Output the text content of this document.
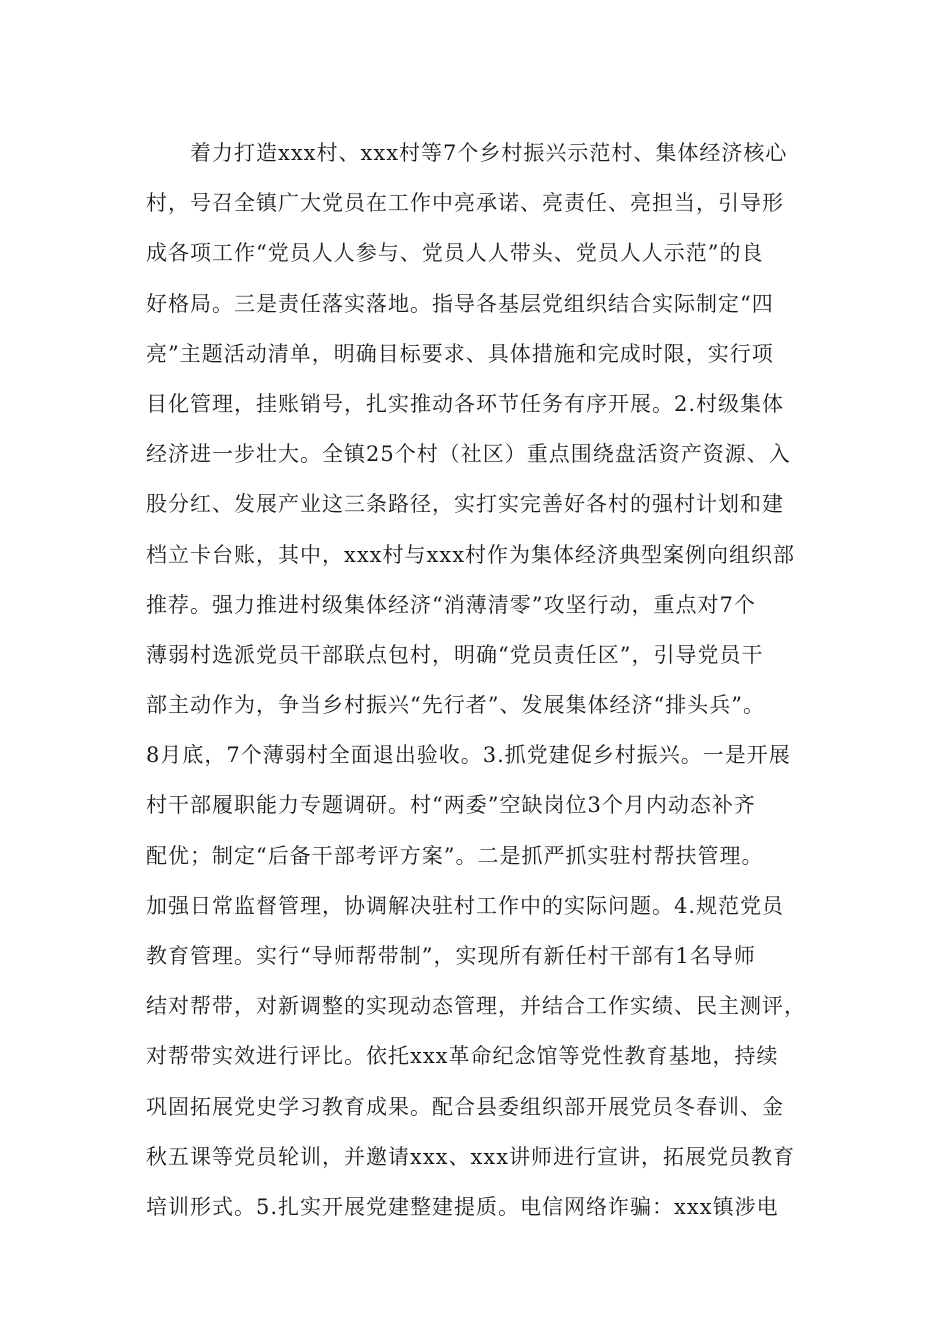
着力打造xxx村、xxx村等7个乡村振兴示范村、集体经济核心
村，号召全镇广大党员在工作中亮承诺、亮责任、亮担当，引导形
成各项工作“党员人人参与、党员人人带头、党员人人示范”的良
好格局。三是责任落实落地。指导各基层党组织结合实际制定“四
亮”主题活动清单，明确目标要求、具体措施和完成时限，实行项
目化管理，挂账销号，扎实推动各环节任务有序开展。2.村级集体
经济进一步壮大。全镇25个村（社区）重点围绕盘活资产资源、入
股分红、发展产业这三条路径，实打实完善好各村的强村计划和建
档立卡台账，其中，xxx村与xxx村作为集体经济典型案例向组织部
推荐。强力推进村级集体经济“消薄清零”攻坚行动，重点对7个
薄弱村选派党员干部联点包村，明确“党员责任区”，引导党员干
部主动作为，争当乡村振兴“先行者”、发展集体经济“排头兵”。
8月底，7个薄弱村全面退出验收。3.抓党建促乡村振兴。一是开展
村干部履职能力专题调研。村“两委”空缺岗位3个月内动态补齐
配优；制定“后备干部考评方案”。二是抓严抓实驻村帮扶管理。
加强日常监督管理，协调解决驻村工作中的实际问题。4.规范党员
教育管理。实行“导师帮带制”，实现所有新任村干部有1名导师
结对帮带，对新调整的实现动态管理，并结合工作实绩、民主测评，
对帮带实效进行评比。依托xxx革命纪念馆等党性教育基地，持续
巩固拓展党史学习教育成果。配合县委组织部开展党员冬春训、金
秋五课等党员轮训，并邀请xxx、xxx讲师进行宣讲，拓展党员教育
培训形式。5.扎实开展党建整建提质。电信网络诈骗：xxx镇涉电
